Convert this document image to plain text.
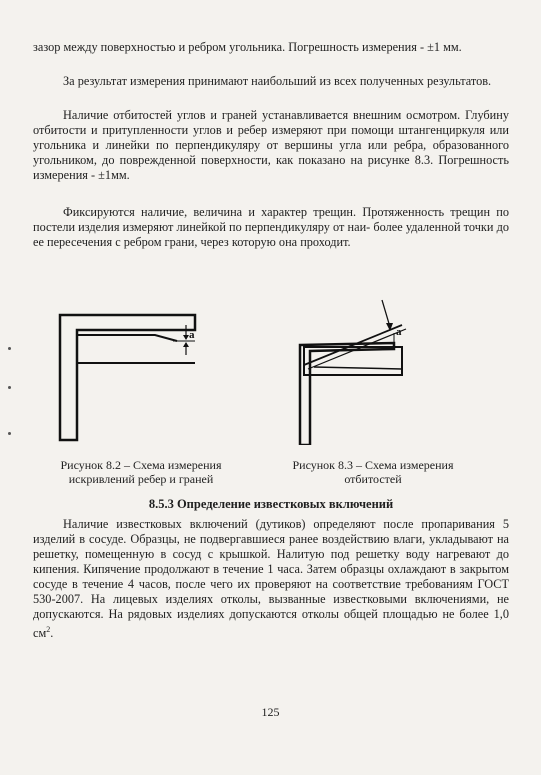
зазор между поверхностью и ребром угольника. Погрешность измерения - ±1 мм.
За результат измерения принимают наибольший из всех полученных результатов.
Наличие отбитостей углов и граней устанавливается внешним осмотром. Глубину отбитости и притупленности углов и ребер измеряют при помощи штангенциркуля или угольника и линейки по перпендикуляру от вершины угла или ребра, образованного угольником, до поврежденной поверхности, как показано на рисунке 8.3. Погрешность измерения - ±1мм.
Фиксируются наличие, величина и характер трещин. Протяженность трещин по постели изделия измеряют линейкой по перпендикуляру от наи- более удаленной точки до ее пересечения с ребром грани, через которую она проходит.
a	a
Рисунок 8.2 – Схема измерения искривлений ребер и граней
Рисунок 8.3 – Схема измерения отбитостей
8.5.3 Определение известковых включений
Наличие известковых включений (дутиков) определяют после пропаривания 5 изделий в сосуде. Образцы, не подвергавшиеся ранее воздействию влаги, укладывают на решетку, помещенную в сосуд с крышкой. Налитую под решетку воду нагревают до кипения. Кипячение продолжают в течение 1 часа. Затем образцы охлаждают в закрытом сосуде в течение 4 часов, после чего их проверяют на соответствие требованиям ГОСТ 530-2007. На лицевых изделиях отколы, вызванные известковыми включениями, не допускаются. На рядовых изделиях допускаются отколы общей площадью не более 1,0 $см^2$.
125
